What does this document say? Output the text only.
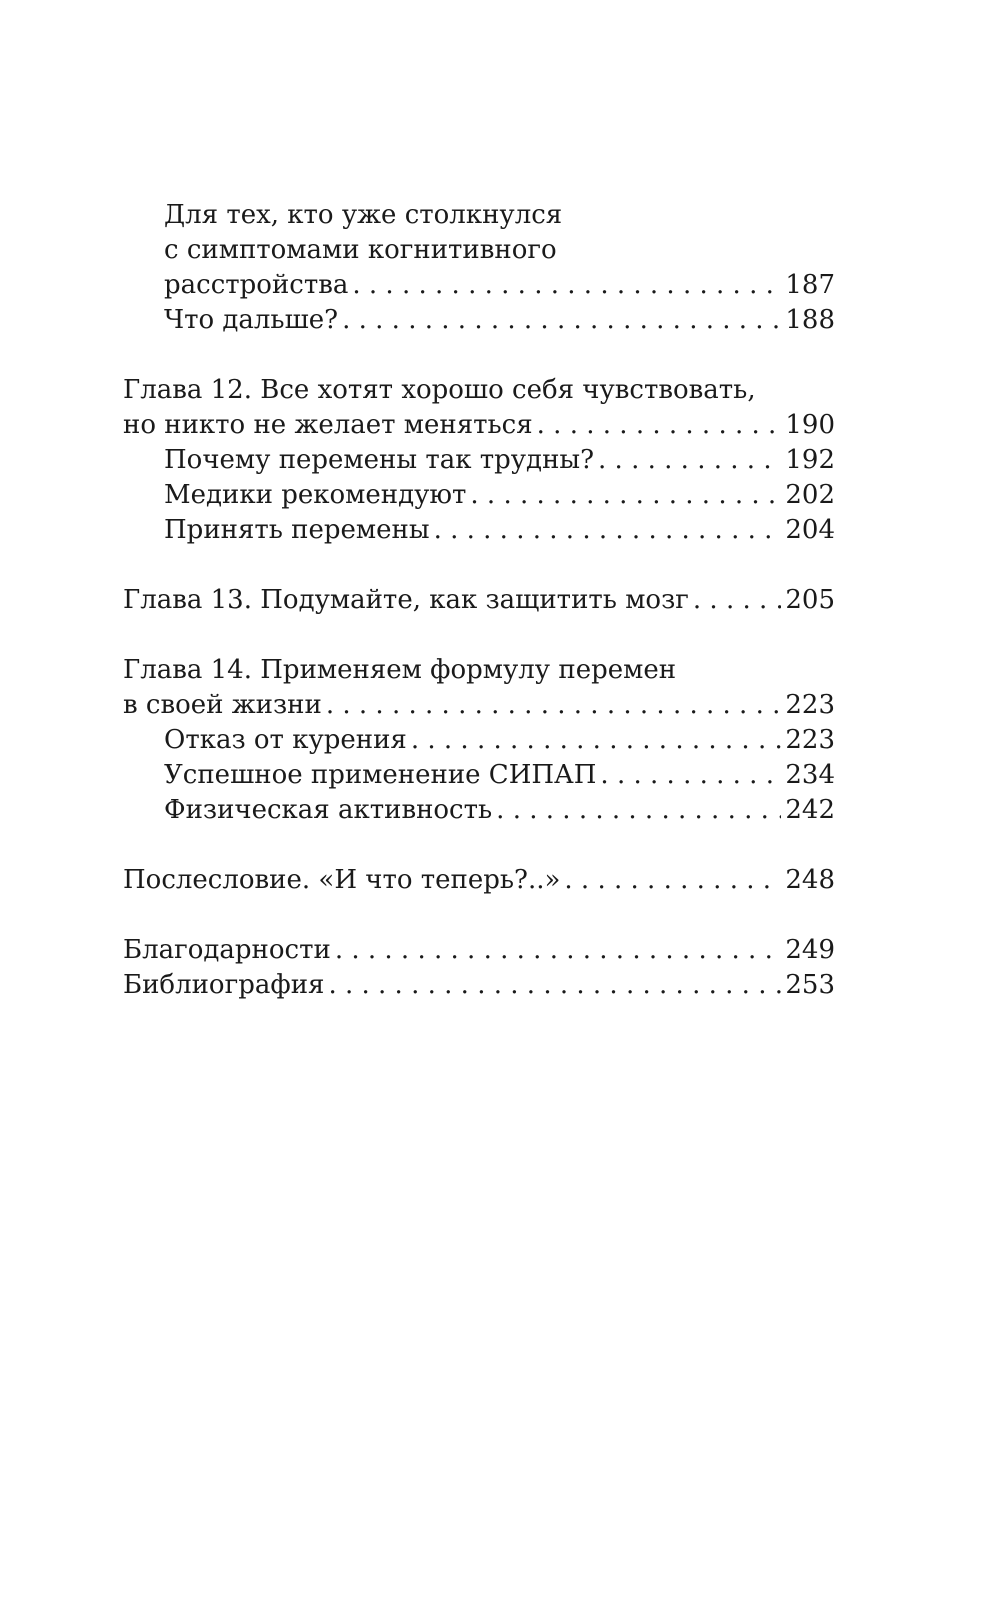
Для тех, кто уже столкнулся
с симптомами когнитивного
расстройства . . .	187
Что дальше? . . .	188
Глава 12. Все хотят хорошо себя чувствовать,
но никто не желает меняться . . .	190
Почему перемены так трудны? . . .	192
Медики рекомендуют . . .	202
Принять перемены . . .	204
Глава 13. Подумайте, как защитить мозг . . .	205
Глава 14. Применяем формулу перемен
в своей жизни . . .	223
Отказ от курения . . .	223
Успешное применение СИПАП . . .	234
Физическая активность . . .	242
Послесловие. «И что теперь?..» . . .	248
Благодарности . . .	249
Библиография . . .	253
